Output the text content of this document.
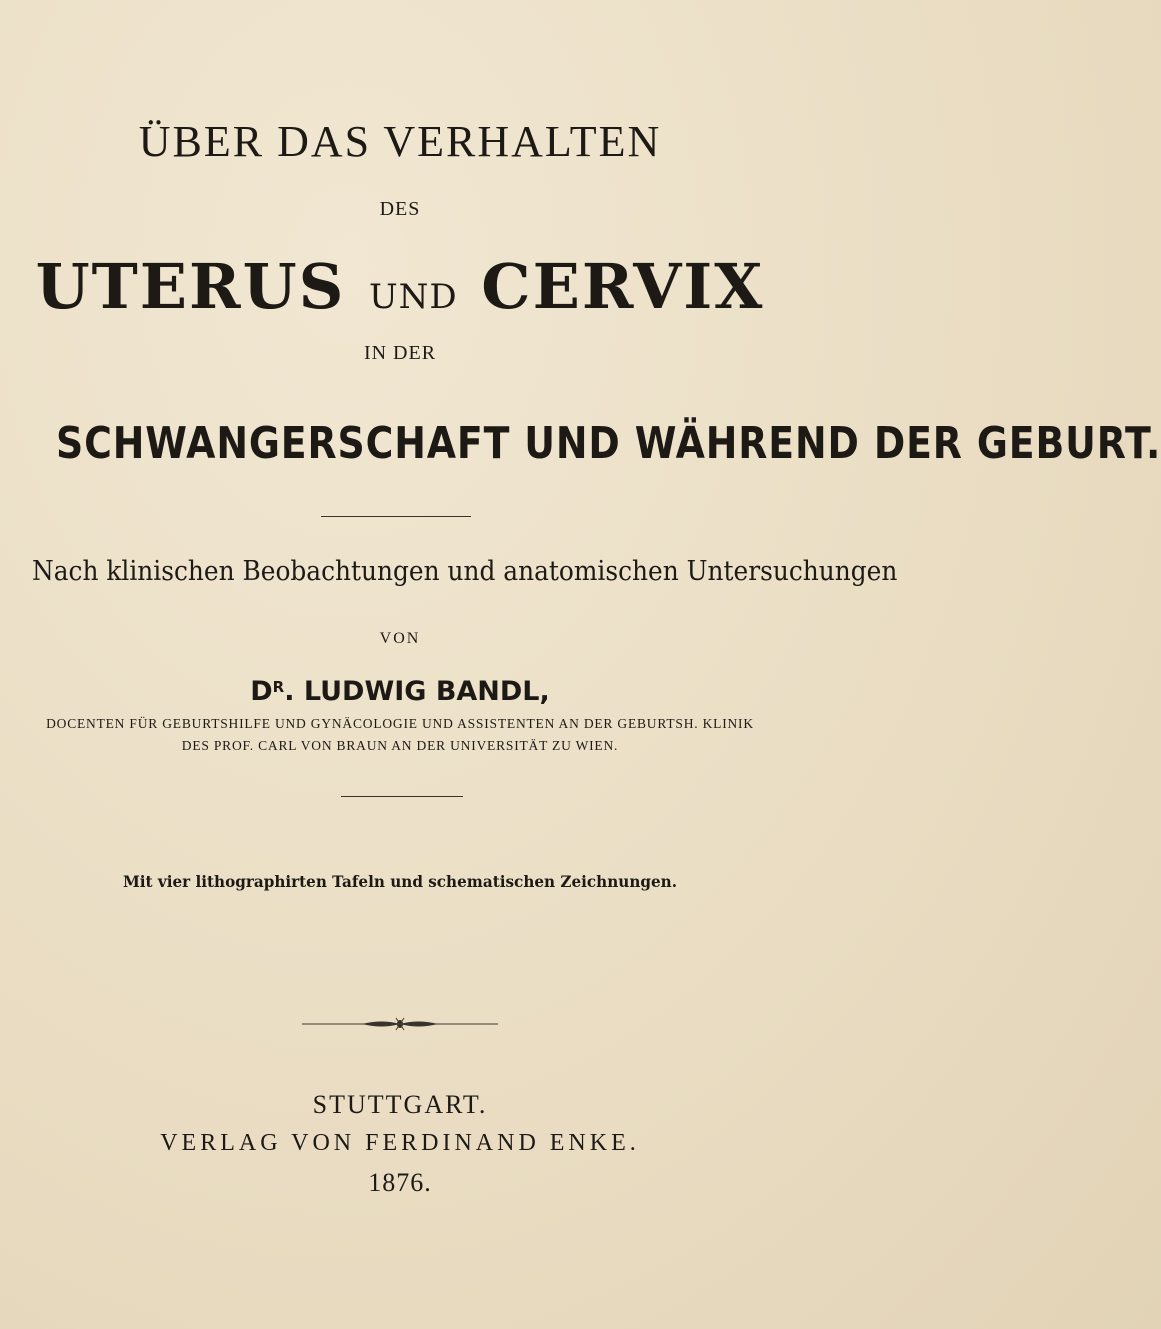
ÜBER DAS VERHALTEN

DES

UTERUS UND CERVIX

IN DER

SCHWANGERSCHAFT UND WÄHREND DER GEBURT.

Nach klinischen Beobachtungen und anatomischen Untersuchungen

VON

$D^R$. LUDWIG BANDL,

DOCENTEN FÜR GEBURTSHILFE UND GYNÄCOLOGIE UND ASSISTENTEN AN DER GEBURTSH. KLINIK

DES PROF. CARL VON BRAUN AN DER UNIVERSITÄT ZU WIEN.

Mit vier lithographirten Tafeln und schematischen Zeichnungen.

STUTTGART.

VERLAG VON FERDINAND ENKE.

1876.
